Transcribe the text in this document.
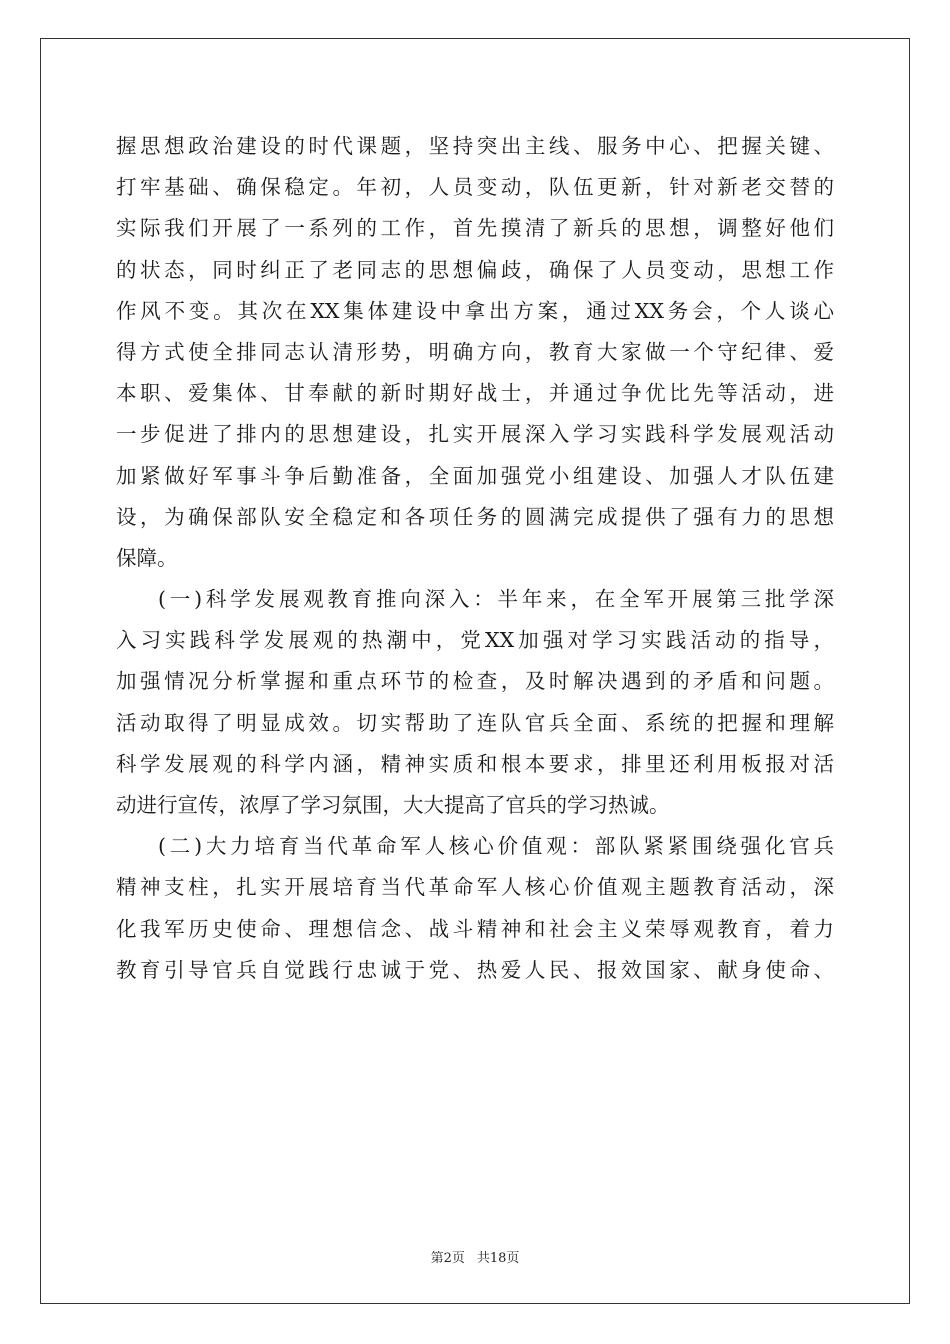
握思想政治建设的时代课题，坚持突出主线、服务中心、把握关键、
打牢基础、确保稳定。年初，人员变动，队伍更新，针对新老交替的
实际我们开展了一系列的工作，首先摸清了新兵的思想，调整好他们
的状态，同时纠正了老同志的思想偏歧，确保了人员变动，思想工作
作风不变。其次在XX集体建设中拿出方案，通过XX务会，个人谈心
得方式使全排同志认清形势，明确方向，教育大家做一个守纪律、爱
本职、爱集体、甘奉献的新时期好战士，并通过争优比先等活动，进
一步促进了排内的思想建设，扎实开展深入学习实践科学发展观活动
加紧做好军事斗争后勤准备，全面加强党小组建设、加强人才队伍建
设，为确保部队安全稳定和各项任务的圆满完成提供了强有力的思想
保障。
(一)科学发展观教育推向深入：半年来，在全军开展第三批学深
入习实践科学发展观的热潮中，党XX加强对学习实践活动的指导，
加强情况分析掌握和重点环节的检查，及时解决遇到的矛盾和问题。
活动取得了明显成效。切实帮助了连队官兵全面、系统的把握和理解
科学发展观的科学内涵，精神实质和根本要求，排里还利用板报对活
动进行宣传，浓厚了学习氛围，大大提高了官兵的学习热诚。
(二)大力培育当代革命军人核心价值观：部队紧紧围绕强化官兵
精神支柱，扎实开展培育当代革命军人核心价值观主题教育活动，深
化我军历史使命、理想信念、战斗精神和社会主义荣辱观教育，着力
教育引导官兵自觉践行忠诚于党、热爱人民、报效国家、献身使命、
第2页 共18页
